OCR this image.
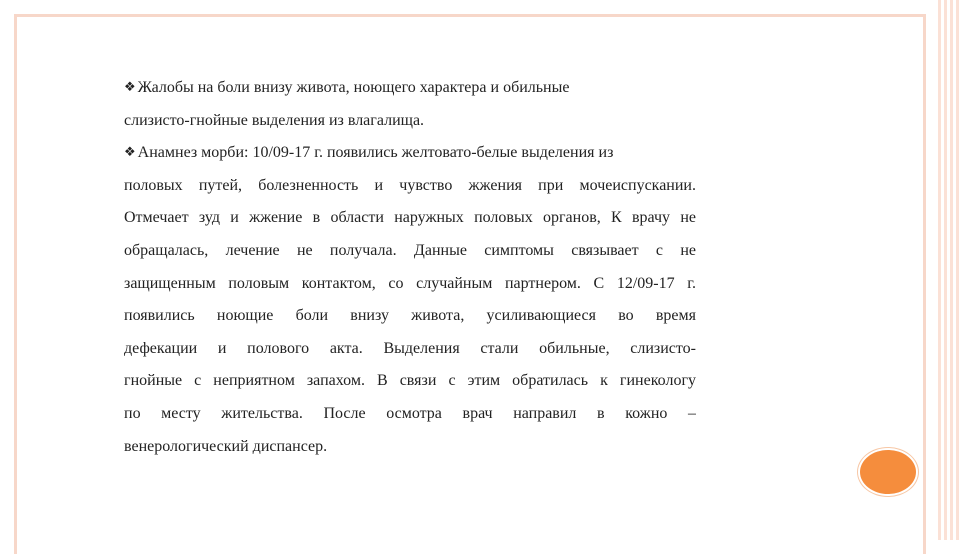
❖ Жалобы на боли внизу живота, ноющего характера и обильные
слизисто-гнойные выделения из влагалища.
❖ Анамнез морби: 10/09-17 г. появились желтовато-белые выделения из
половых путей, болезненность и чувство жжения при мочеиспускании.
Отмечает зуд и жжение в области наружных половых органов, К врачу не
обращалась, лечение не получала. Данные симптомы связывает с не
защищенным половым контактом, со случайным партнером. С 12/09-17 г.
появились ноющие боли внизу живота, усиливающиеся во время
дефекации и полового акта. Выделения стали обильные, слизисто-
гнойные с неприятном запахом. В связи с этим обратилась к гинекологу
по месту жительства. После осмотра врач направил в кожно –
венерологический диспансер.
